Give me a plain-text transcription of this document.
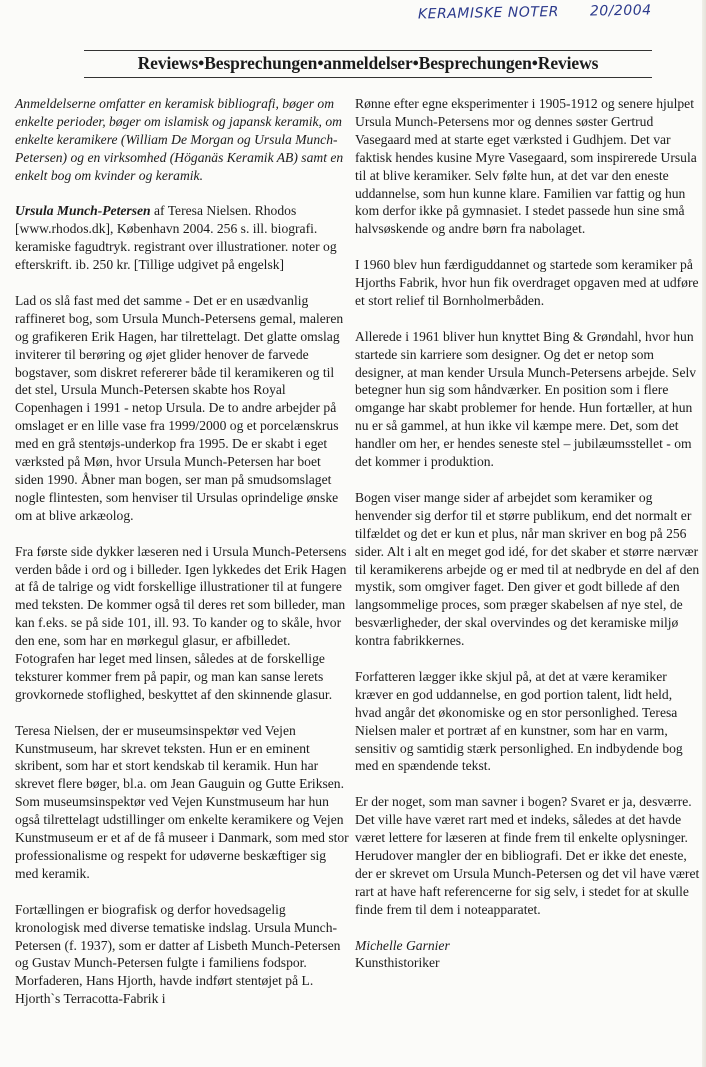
KERAMISKE NOTER 20/2004
Reviews•Besprechungen•anmeldelser•Besprechungen•Reviews

Anmeldelserne omfatter en keramisk bibliografi, bøger om enkelte perioder, bøger om islamisk og japansk keramik, om enkelte keramikere (William De Morgan og Ursula Munch-Petersen) og en virksomhed (Höganäs Keramik AB) samt en enkelt bog om kvinder og keramik.

Ursula Munch-Petersen af Teresa Nielsen. Rhodos [www.rhodos.dk], København 2004. 256 s. ill. biografi. keramiske fagudtryk. registrant over illustrationer. noter og efterskrift. ib. 250 kr. [Tillige udgivet på engelsk]

Lad os slå fast med det samme - Det er en usædvanlig raffineret bog, som Ursula Munch-Petersens gemal, maleren og grafikeren Erik Hagen, har tilrettelagt. Det glatte omslag inviterer til berøring og øjet glider henover de farvede bogstaver, som diskret refererer både til keramikeren og til det stel, Ursula Munch-Petersen skabte hos Royal Copenhagen i 1991 - netop Ursula. De to andre arbejder på omslaget er en lille vase fra 1999/2000 og et porcelænskrus med en grå stentøjs-underkop fra 1995. De er skabt i eget værksted på Møn, hvor Ursula Munch-Petersen har boet siden 1990. Åbner man bogen, ser man på smudsomslaget nogle flintesten, som henviser til Ursulas oprindelige ønske om at blive arkæolog.

Fra første side dykker læseren ned i Ursula Munch-Petersens verden både i ord og i billeder. Igen lykkedes det Erik Hagen at få de talrige og vidt forskellige illustrationer til at fungere med teksten. De kommer også til deres ret som billeder, man kan f.eks. se på side 101, ill. 93. To kander og to skåle, hvor den ene, som har en mørkegul glasur, er afbilledet. Fotografen har leget med linsen, således at de forskellige teksturer kommer frem på papir, og man kan sanse lerets grovkornede stoflighed, beskyttet af den skinnende glasur.

Teresa Nielsen, der er museumsinspektør ved Vejen Kunstmuseum, har skrevet teksten. Hun er en eminent skribent, som har et stort kendskab til keramik. Hun har skrevet flere bøger, bl.a. om Jean Gauguin og Gutte Eriksen. Som museumsinspektør ved Vejen Kunstmuseum har hun også tilrettelagt udstillinger om enkelte keramikere og Vejen Kunstmuseum er et af de få museer i Danmark, som med stor professionalisme og respekt for udøverne beskæftiger sig med keramik.

Fortællingen er biografisk og derfor hovedsagelig kronologisk med diverse tematiske indslag. Ursula Munch-Petersen (f. 1937), som er datter af Lisbeth Munch-Petersen og Gustav Munch-Petersen fulgte i familiens fodspor. Morfaderen, Hans Hjorth, havde indført stentøjet på L. Hjorth`s Terracotta-Fabrik i

Rønne efter egne eksperimenter i 1905-1912 og senere hjulpet Ursula Munch-Petersens mor og dennes søster Gertrud Vasegaard med at starte eget værksted i Gudhjem. Det var faktisk hendes kusine Myre Vasegaard, som inspirerede Ursula til at blive keramiker. Selv følte hun, at det var den eneste uddannelse, som hun kunne klare. Familien var fattig og hun kom derfor ikke på gymnasiet. I stedet passede hun sine små halvsøskende og andre børn fra nabolaget.

I 1960 blev hun færdiguddannet og startede som keramiker på Hjorths Fabrik, hvor hun fik overdraget opgaven med at udføre et stort relief til Bornholmerbåden.

Allerede i 1961 bliver hun knyttet Bing & Grøndahl, hvor hun startede sin karriere som designer. Og det er netop som designer, at man kender Ursula Munch-Petersens arbejde. Selv betegner hun sig som håndværker. En position som i flere omgange har skabt problemer for hende. Hun fortæller, at hun nu er så gammel, at hun ikke vil kæmpe mere. Det, som det handler om her, er hendes seneste stel – jubilæumsstellet - om det kommer i produktion.

Bogen viser mange sider af arbejdet som keramiker og henvender sig derfor til et større publikum, end det normalt er tilfældet og det er kun et plus, når man skriver en bog på 256 sider. Alt i alt en meget god idé, for det skaber et større nærvær til keramikerens arbejde og er med til at nedbryde en del af den mystik, som omgiver faget. Den giver et godt billede af den langsommelige proces, som præger skabelsen af nye stel, de besværligheder, der skal overvindes og det keramiske miljø kontra fabrikkernes.

Forfatteren lægger ikke skjul på, at det at være keramiker kræver en god uddannelse, en god portion talent, lidt held, hvad angår det økonomiske og en stor personlighed. Teresa Nielsen maler et portræt af en kunstner, som har en varm, sensitiv og samtidig stærk personlighed. En indbydende bog med en spændende tekst.

Er der noget, som man savner i bogen? Svaret er ja, desværre. Det ville have været rart med et indeks, således at det havde været lettere for læseren at finde frem til enkelte oplysninger. Herudover mangler der en bibliografi. Det er ikke det eneste, der er skrevet om Ursula Munch-Petersen og det vil have været rart at have haft referencerne for sig selv, i stedet for at skulle finde frem til dem i noteapparatet.

Michelle Garnier
Kunsthistoriker
